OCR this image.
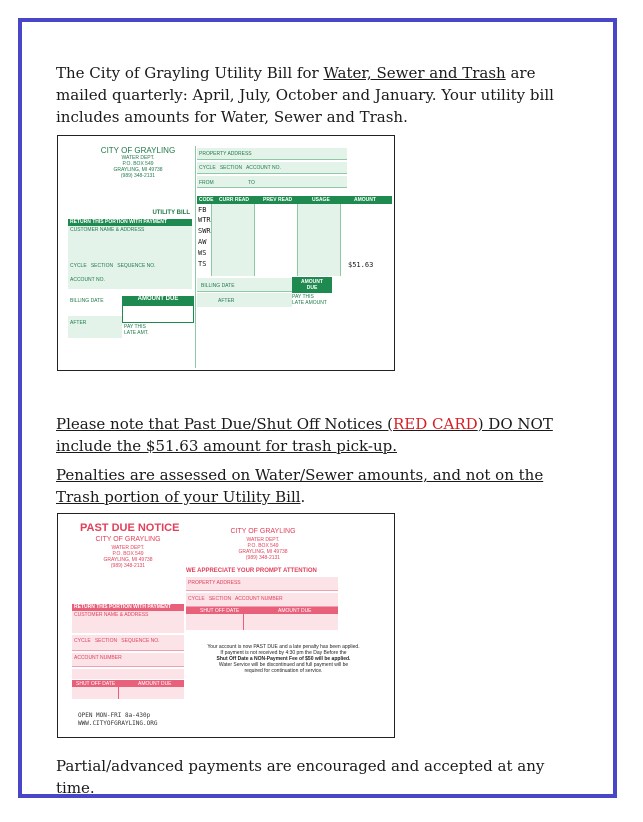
The City of Grayling Utility Bill for Water, Sewer and Trash are mailed quarterly: April, July, October and January. Your utility bill includes amounts for Water, Sewer and Trash.
CITY OF GRAYLING
WATER DEPT.
P.O. BOX 549
GRAYLING, MI 49738
(989) 348-2131
UTILITY BILL
RETURN THIS PORTION WITH PAYMENT
CUSTOMER NAME & ADDRESS
CYCLE   SECTION   SEQUENCE NO.
ACCOUNT NO.
BILLING DATE	AMOUNT DUE
AFTER
PAY THIS
LATE AMT.
PROPERTY ADDRESS
CYCLE   SECTION   ACCOUNT NO.
FROM	TO
CODE CURR READ	PREV READ	USAGE	AMOUNT
FB
WTR
SWR
AW
WS
TS	$51.63
BILLING DATE
AMOUNT
DUE
AFTER
PAY THIS
LATE AMOUNT
Please note that Past Due/Shut Off Notices (RED CARD) DO NOT include the $51.63 amount for trash pick-up.
Penalties are assessed on Water/Sewer amounts, and not on the Trash portion of your Utility Bill.
PAST DUE NOTICE
CITY OF GRAYLING
WATER DEPT.
P.O. BOX 549
GRAYLING, MI 49738
(989) 348-2131
CITY OF GRAYLING
WATER DEPT.
P.O. BOX 549
GRAYLING, MI 49738
(989) 348-2131
WE APPRECIATE YOUR PROMPT ATTENTION
PROPERTY ADDRESS
CYCLE   SECTION   ACCOUNT NUMBER
SHUT OFF DATE	AMOUNT DUE
RETURN THIS PORTION WITH PAYMENT
CUSTOMER NAME & ADDRESS
CYCLE   SECTION   SEQUENCE NO.
ACCOUNT NUMBER
SHUT OFF DATE	AMOUNT DUE
Your account is now PAST DUE and a late penalty has been applied.
If payment is not received by 4:30 pm the Day Before the
Shut Off Date a NON-Payment Fee of $50 will be applied.
Water Service will be discontinued and full payment will be
required for continuation of service.
OPEN MON-FRI 8a-430p
WWW.CITYOFGRAYLING.ORG
Partial/advanced payments are encouraged and accepted at any time.
